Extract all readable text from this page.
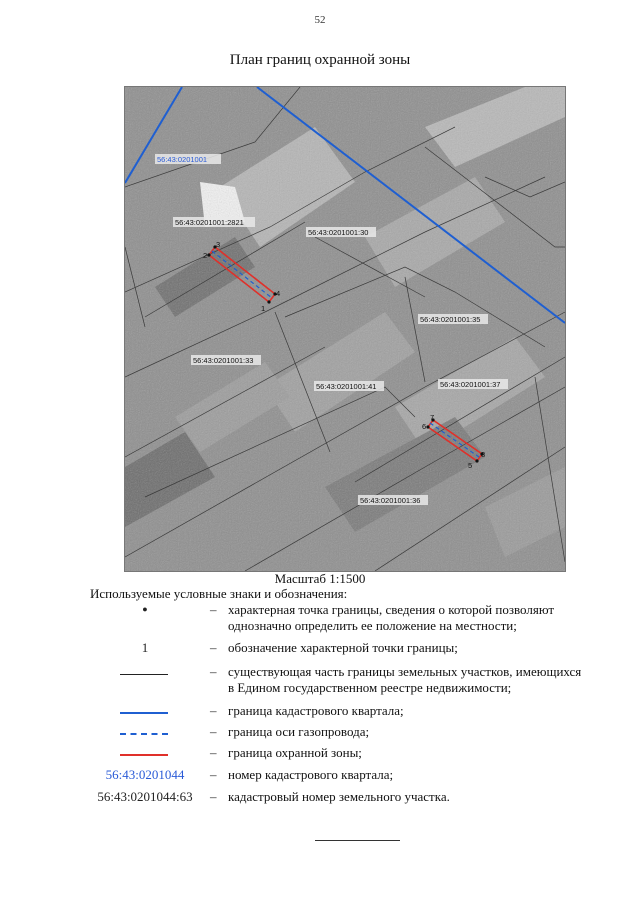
52
План границ охранной зоны
1
2
3
4
5
6
7
8
56:43:0201001
56:43:0201001:2821
56:43:0201001:30
56:43:0201001:35
56:43:0201001:33
56:43:0201001:41	56:43:0201001:37
56:43:0201001:36
Масштаб 1:1500
Используемые условные знаки и обозначения:
●	– характерная точка границы, сведения о которой позволяют однозначно определить ее положение на местности;
1	– обозначение характерной точки границы;
– существующая часть границы земельных участков, имеющихся в Едином государственном реестре недвижимости;
– граница кадастрового квартала;
– граница оси газопровода;
– граница охранной зоны;
56:43:0201044	– номер кадастрового квартала;
56:43:0201044:63	– кадастровый номер земельного участка.
